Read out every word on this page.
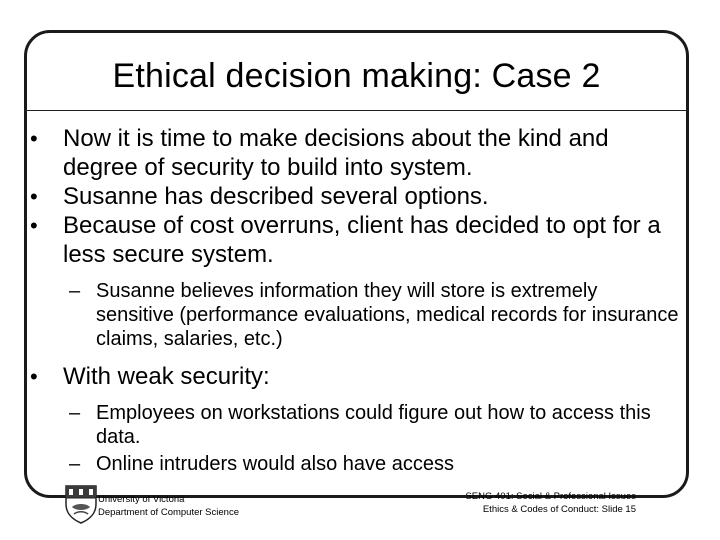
Ethical decision making: Case 2

•	Now it is time to make decisions about the kind and degree of security to build into system.

•	Susanne has described several options.

•	Because of cost overruns, client has decided to opt for a less secure system.

– Susanne believes information they will store is extremely sensitive (performance evaluations, medical records for insurance claims, salaries, etc.)

•	With weak security:

– Employees on workstations could figure out how to access this data.

– Online intruders would also have access

University of Victoria
Department of Computer Science
SENG 401: Social & Professional Issues
Ethics & Codes of Conduct: Slide 15
